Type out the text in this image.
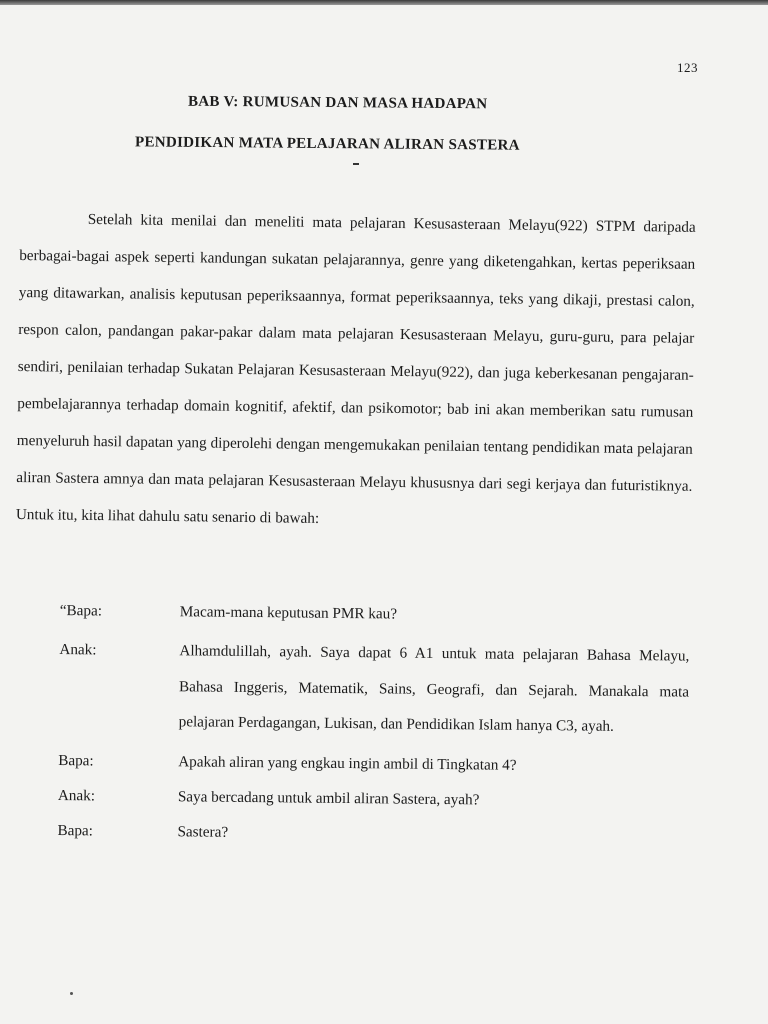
123
BAB V: RUMUSAN DAN MASA HADAPAN
PENDIDIKAN MATA PELAJARAN ALIRAN SASTERA

Setelah kita menilai dan meneliti mata pelajaran Kesusasteraan Melayu(922) STPM daripada berbagai-bagai aspek seperti kandungan sukatan pelajarannya, genre yang diketengahkan, kertas peperiksaan yang ditawarkan, analisis keputusan peperiksaannya, format peperiksaannya, teks yang dikaji, prestasi calon, respon calon, pandangan pakar-pakar dalam mata pelajaran Kesusasteraan Melayu, guru-guru, para pelajar sendiri, penilaian terhadap Sukatan Pelajaran Kesusasteraan Melayu(922), dan juga keberkesanan pengajaran-pembelajarannya terhadap domain kognitif, afektif, dan psikomotor; bab ini akan memberikan satu rumusan menyeluruh hasil dapatan yang diperolehi dengan mengemukakan penilaian tentang pendidikan mata pelajaran aliran Sastera amnya dan mata pelajaran Kesusasteraan Melayu khususnya dari segi kerjaya dan futuristiknya. Untuk itu, kita lihat dahulu satu senario di bawah:

“Bapa:	Macam-mana keputusan PMR kau?
Anak:	Alhamdulillah, ayah. Saya dapat 6 A1 untuk mata pelajaran Bahasa Melayu, Bahasa Inggeris, Matematik, Sains, Geografi, dan Sejarah. Manakala mata pelajaran Perdagangan, Lukisan, dan Pendidikan Islam hanya C3, ayah.
Bapa:	Apakah aliran yang engkau ingin ambil di Tingkatan 4?
Anak:	Saya bercadang untuk ambil aliran Sastera, ayah?
Bapa:	Sastera?
